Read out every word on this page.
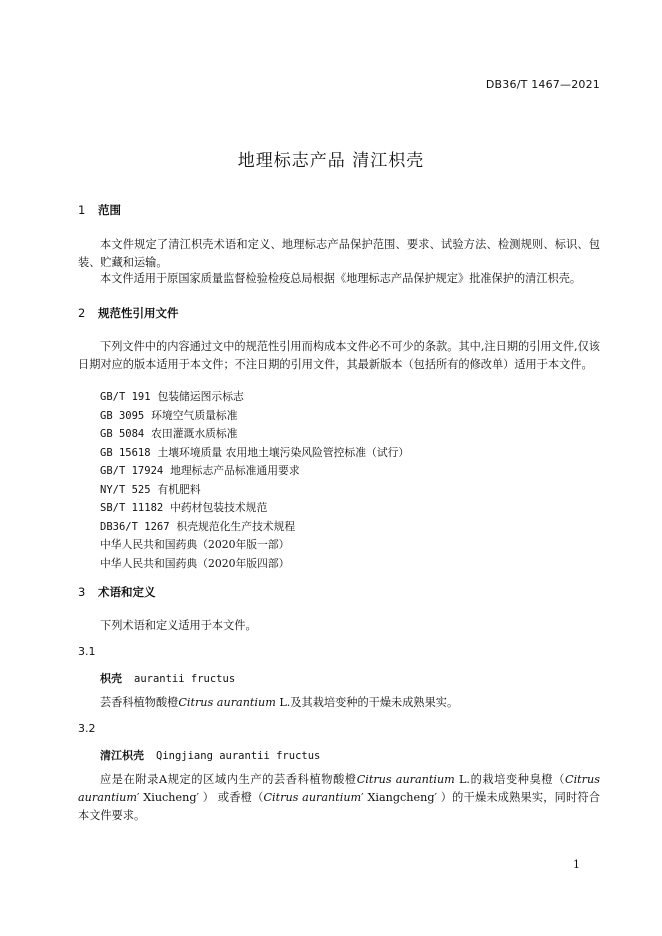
DB36/T 1467—2021
地理标志产品 清江枳壳
1 范围
本文件规定了清江枳壳术语和定义、地理标志产品保护范围、要求、试验方法、检测规则、标识、包装、贮藏和运输。
本文件适用于原国家质量监督检验检疫总局根据《地理标志产品保护规定》批准保护的清江枳壳。
2 规范性引用文件
下列文件中的内容通过文中的规范性引用而构成本文件必不可少的条款。其中,注日期的引用文件,仅该日期对应的版本适用于本文件；不注日期的引用文件，其最新版本（包括所有的修改单）适用于本文件。
GB/T 191 包装储运图示标志
GB 3095 环境空气质量标准
GB 5084 农田灌溉水质标准
GB 15618 土壤环境质量 农用地土壤污染风险管控标准（试行）
GB/T 17924 地理标志产品标准通用要求
NY/T 525 有机肥料
SB/T 11182 中药材包装技术规范
DB36/T 1267 枳壳规范化生产技术规程
中华人民共和国药典（2020年版一部）
中华人民共和国药典（2020年版四部）
3 术语和定义
下列术语和定义适用于本文件。
3.1
枳壳 aurantii fructus
芸香科植物酸橙Citrus aurantium L.及其栽培变种的干燥未成熟果实。
3.2
清江枳壳 Qingjiang aurantii fructus
应是在附录A规定的区域内生产的芸香科植物酸橙Citrus aurantium L.的栽培变种臭橙（Citrus aurantium′ Xiucheng′ ） 或香橙（Citrus aurantium′ Xiangcheng′ ）的干燥未成熟果实，同时符合本文件要求。
1
